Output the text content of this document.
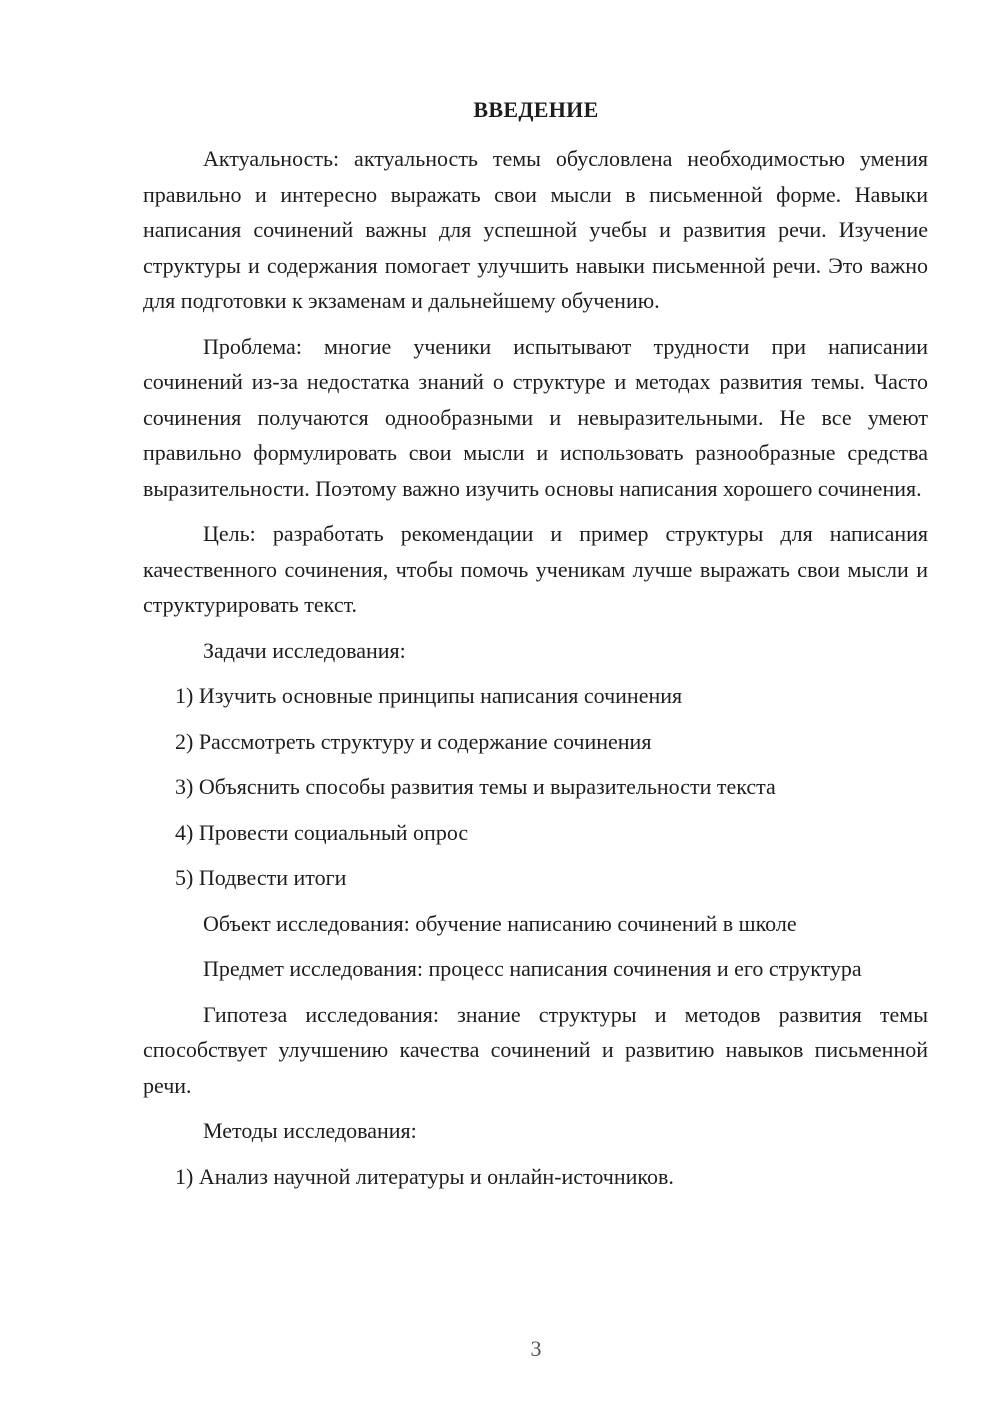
ВВЕДЕНИЕ

Актуальность: актуальность темы обусловлена необходимостью умения правильно и интересно выражать свои мысли в письменной форме. Навыки написания сочинений важны для успешной учебы и развития речи. Изучение структуры и содержания помогает улучшить навыки письменной речи. Это важно для подготовки к экзаменам и дальнейшему обучению.

Проблема: многие ученики испытывают трудности при написании сочинений из-за недостатка знаний о структуре и методах развития темы. Часто сочинения получаются однообразными и невыразительными. Не все умеют правильно формулировать свои мысли и использовать разнообразные средства выразительности. Поэтому важно изучить основы написания хорошего сочинения.

Цель: разработать рекомендации и пример структуры для написания качественного сочинения, чтобы помочь ученикам лучше выражать свои мысли и структурировать текст.

Задачи исследования:

1) Изучить основные принципы написания сочинения

2) Рассмотреть структуру и содержание сочинения

3) Объяснить способы развития темы и выразительности текста

4) Провести социальный опрос

5) Подвести итоги

Объект исследования: обучение написанию сочинений в школе

Предмет исследования: процесс написания сочинения и его структура

Гипотеза исследования: знание структуры и методов развития темы способствует улучшению качества сочинений и развитию навыков письменной речи.

Методы исследования:

1) Анализ научной литературы и онлайн-источников.

3
